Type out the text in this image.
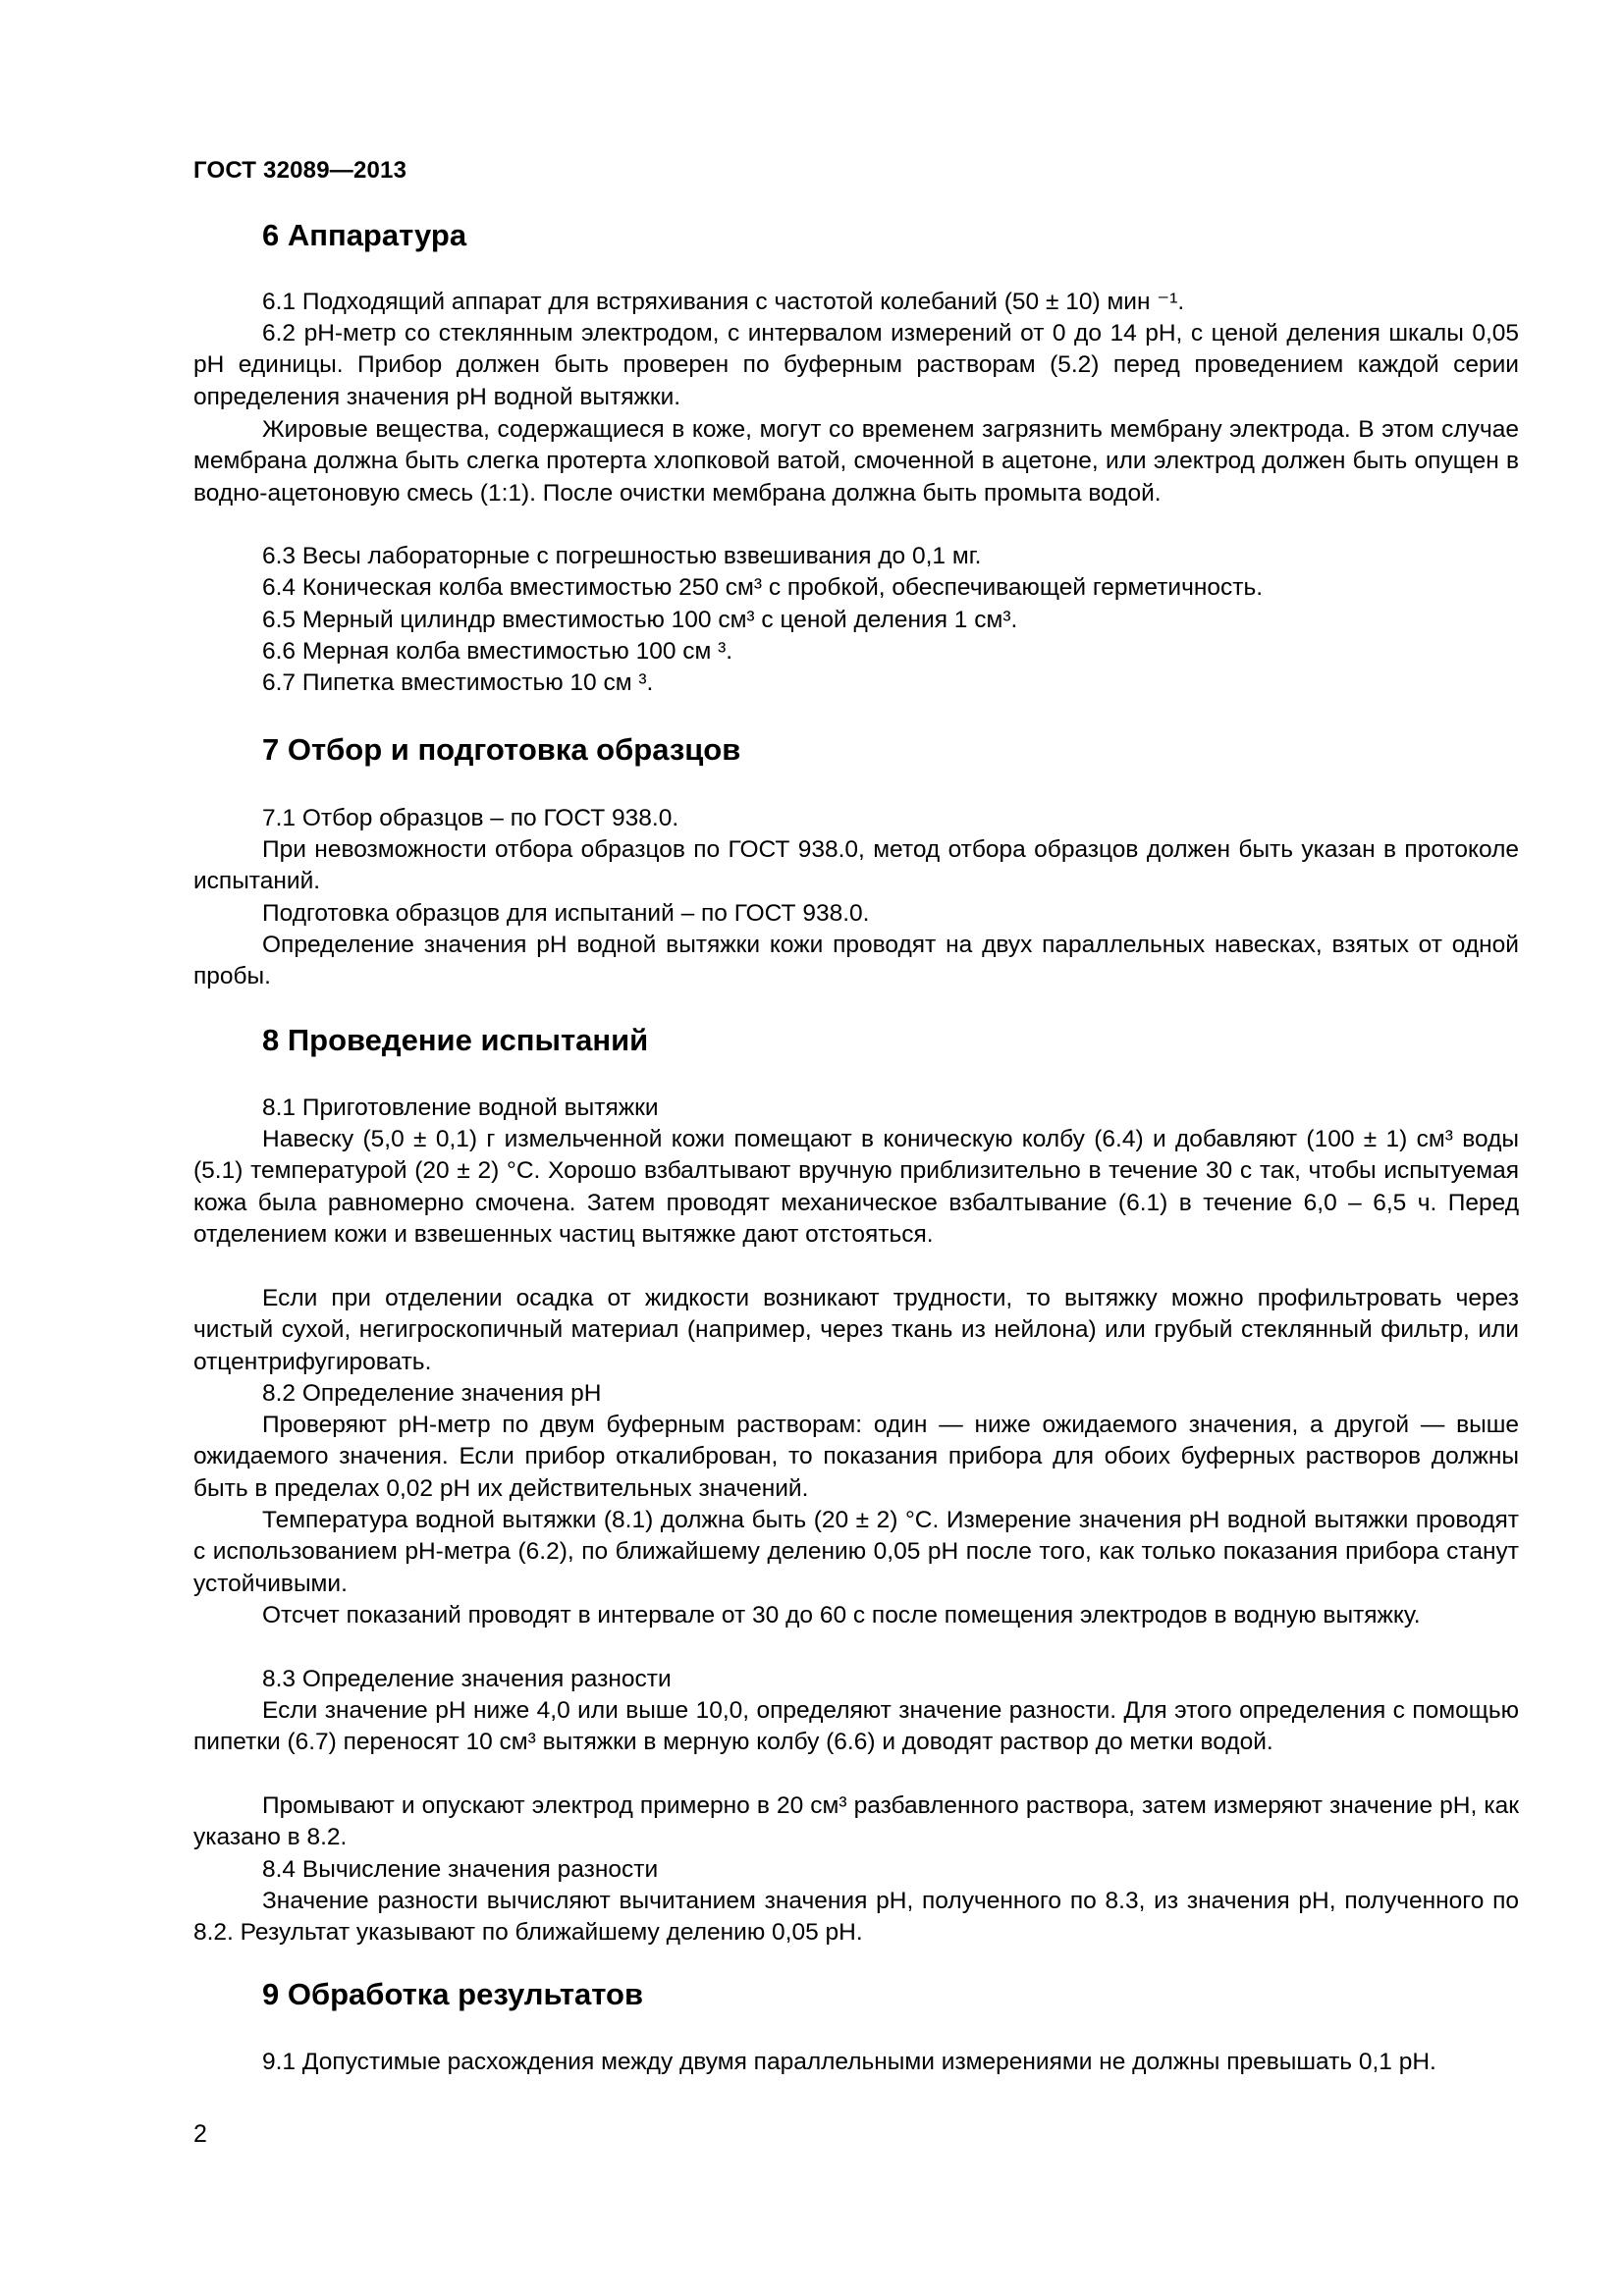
ГОСТ 32089—2013
6 Аппаратура

6.1 Подходящий аппарат для встряхивания с частотой колебаний (50 ± 10) мин ⁻¹.

6.2 рН-метр со стеклянным электродом, с интервалом измерений от 0 до 14 рН, с ценой деления шкалы 0,05 рН единицы. Прибор должен быть проверен по буферным растворам (5.2) перед проведением каждой серии определения значения рН водной вытяжки.

Жировые вещества, содержащиеся в коже, могут со временем загрязнить мембрану электрода. В этом случае мембрана должна быть слегка протерта хлопковой ватой, смоченной в ацетоне, или электрод должен быть опущен в водно-ацетоновую смесь (1:1). После очистки мембрана должна быть промыта водой.

6.3 Весы лабораторные с погрешностью взвешивания до 0,1 мг.

6.4 Коническая колба вместимостью 250 см³ с пробкой, обеспечивающей герметичность.

6.5 Мерный цилиндр вместимостью 100 см³ с ценой деления 1 см³.

6.6 Мерная колба вместимостью 100 см ³.

6.7 Пипетка вместимостью 10 см ³.

7 Отбор и подготовка образцов

7.1 Отбор образцов – по ГОСТ 938.0.

При невозможности отбора образцов по ГОСТ 938.0, метод отбора образцов должен быть указан в протоколе испытаний.

Подготовка образцов для испытаний – по ГОСТ 938.0.

Определение значения рН водной вытяжки кожи проводят на двух параллельных навесках, взятых от одной пробы.

8 Проведение испытаний

8.1 Приготовление водной вытяжки

Навеску (5,0 ± 0,1) г измельченной кожи помещают в коническую колбу (6.4) и добавляют (100 ± 1) см³ воды (5.1) температурой (20 ± 2) °С. Хорошо взбалтывают вручную приблизительно в течение 30 с так, чтобы испытуемая кожа была равномерно смочена. Затем проводят механическое взбалтывание (6.1) в течение 6,0 – 6,5 ч. Перед отделением кожи и взвешенных частиц вытяжке дают отстояться.

Если при отделении осадка от жидкости возникают трудности, то вытяжку можно профильтровать через чистый сухой, негигроскопичный материал (например, через ткань из нейлона) или грубый стеклянный фильтр, или отцентрифугировать.

8.2 Определение значения рН

Проверяют рН-метр по двум буферным растворам: один — ниже ожидаемого значения, а другой — выше ожидаемого значения. Если прибор откалиброван, то показания прибора для обоих буферных растворов должны быть в пределах 0,02 рН их действительных значений.

Температура водной вытяжки (8.1) должна быть (20 ± 2) °С. Измерение значения рН водной вытяжки проводят с использованием рН-метра (6.2), по ближайшему делению 0,05 рН после того, как только показания прибора станут устойчивыми.

Отсчет показаний проводят в интервале от 30 до 60 с после помещения электродов в водную вытяжку.

8.3 Определение значения разности

Если значение рН ниже 4,0 или выше 10,0, определяют значение разности. Для этого определения с помощью пипетки (6.7) переносят 10 см³ вытяжки в мерную колбу (6.6) и доводят раствор до метки водой.

Промывают и опускают электрод примерно в 20 см³ разбавленного раствора, затем измеряют значение рН, как указано в 8.2.

8.4 Вычисление значения разности

Значение разности вычисляют вычитанием значения рН, полученного по 8.3, из значения рН, полученного по 8.2. Результат указывают по ближайшему делению 0,05 рН.

9 Обработка результатов

9.1 Допустимые расхождения между двумя параллельными измерениями не должны превышать 0,1 рН.

2
